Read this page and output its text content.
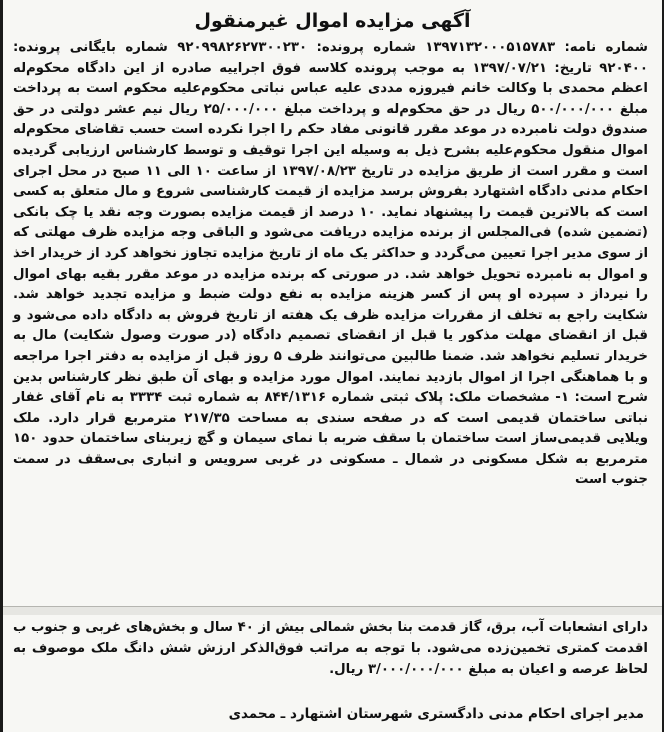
آگهی مزایده اموال غیرمنقول
شماره نامه: ۱۳۹۷۱۳۲۰۰۰۵۱۵۷۸۳ شماره پرونده: ۹۲۰۹۹۸۲۶۲۷۳۰۰۲۳۰ شماره بایگانی پرونده: ۹۲۰۴۰۰ تاریخ: ۱۳۹۷/۰۷/۲۱ به موجب پرونده کلاسه فوق اجراییه صادره از این دادگاه محکوم‌له اعظم محمدی با وکالت خانم فیروزه مددی علیه عباس نباتی محکوم‌علیه محکوم است به پرداخت مبلغ ۵۰۰/۰۰۰/۰۰۰ ریال در حق محکوم‌له و پرداخت مبلغ ۲۵/۰۰۰/۰۰۰ ریال نیم عشر دولتی در حق صندوق دولت نامبرده در موعد مقرر قانونی مفاد حکم را اجرا نکرده است حسب تقاضای محکوم‌له اموال منقول محکوم‌علیه بشرح ذیل به وسیله این اجرا توقیف و توسط کارشناس ارزیابی گردیده است و مقرر است از طریق مزایده در تاریخ ۱۳۹۷/۰۸/۲۳ از ساعت ۱۰ الی ۱۱ صبح در محل اجرای احکام مدنی دادگاه اشتهارد بفروش برسد مزایده از قیمت کارشناسی شروع و مال متعلق به کسی است که بالاترین قیمت را پیشنهاد نماید. ۱۰ درصد از قیمت مزایده بصورت وجه نقد یا چک بانکی (تضمین شده) فی‌المجلس از برنده مزایده دریافت می‌شود و الباقی وجه مزایده ظرف مهلتی که از سوی مدیر اجرا تعیین می‌گردد و حداکثر یک ماه از تاریخ مزایده تجاوز نخواهد کرد از خریدار اخذ و اموال به نامبرده تحویل خواهد شد. در صورتی که برنده مزایده در موعد مقرر بقیه بهای اموال را نیرداز د سپرده او پس از کسر هزینه مزایده به نفع دولت ضبط و مزایده تجدید خواهد شد. شکایت راجع به تخلف از مقررات مزایده ظرف یک هفته از تاریخ فروش به دادگاه داده می‌شود و قبل از انقضای مهلت مذکور یا قبل از انقضای تصمیم دادگاه (در صورت وصول شکایت) مال به خریدار تسلیم نخواهد شد. ضمنا طالبین می‌توانند ظرف ۵ روز قبل از مزایده به دفتر اجرا مراجعه و با هماهنگی اجرا از اموال بازدید نمایند. اموال مورد مزایده و بهای آن طبق نظر کارشناس بدین شرح است: ۱- مشخصات ملک: پلاک ثبتی شماره ۸۴۴/۱۳۱۶ به شماره ثبت ۳۳۳۴ به نام آقای غفار نباتی ساختمان قدیمی است که در صفحه سندی به مساحت ۲۱۷/۳۵ مترمربع قرار دارد. ملک ویلایی قدیمی‌ساز است ساختمان با سقف ضربه با نمای سیمان و گچ زیربنای ساختمان حدود ۱۵۰ مترمربع به شکل مسکونی در شمال ـ مسکونی در غربی سرویس و انباری بی‌سقف در سمت جنوب است
دارای انشعابات آب، برق، گاز قدمت بنا بخش شمالی بیش از ۴۰ سال و بخش‌های غربی و جنوب ب اقدمت کمتری تخمین‌زده می‌شود. با توجه به مراتب فوق‌الذکر ارزش شش دانگ ملک موصوف به لحاظ عرصه و اعیان به مبلغ ۳/۰۰۰/۰۰۰/۰۰۰ ریال.
مدیر اجرای احکام مدنی دادگستری شهرستان اشتهارد ـ محمدی
